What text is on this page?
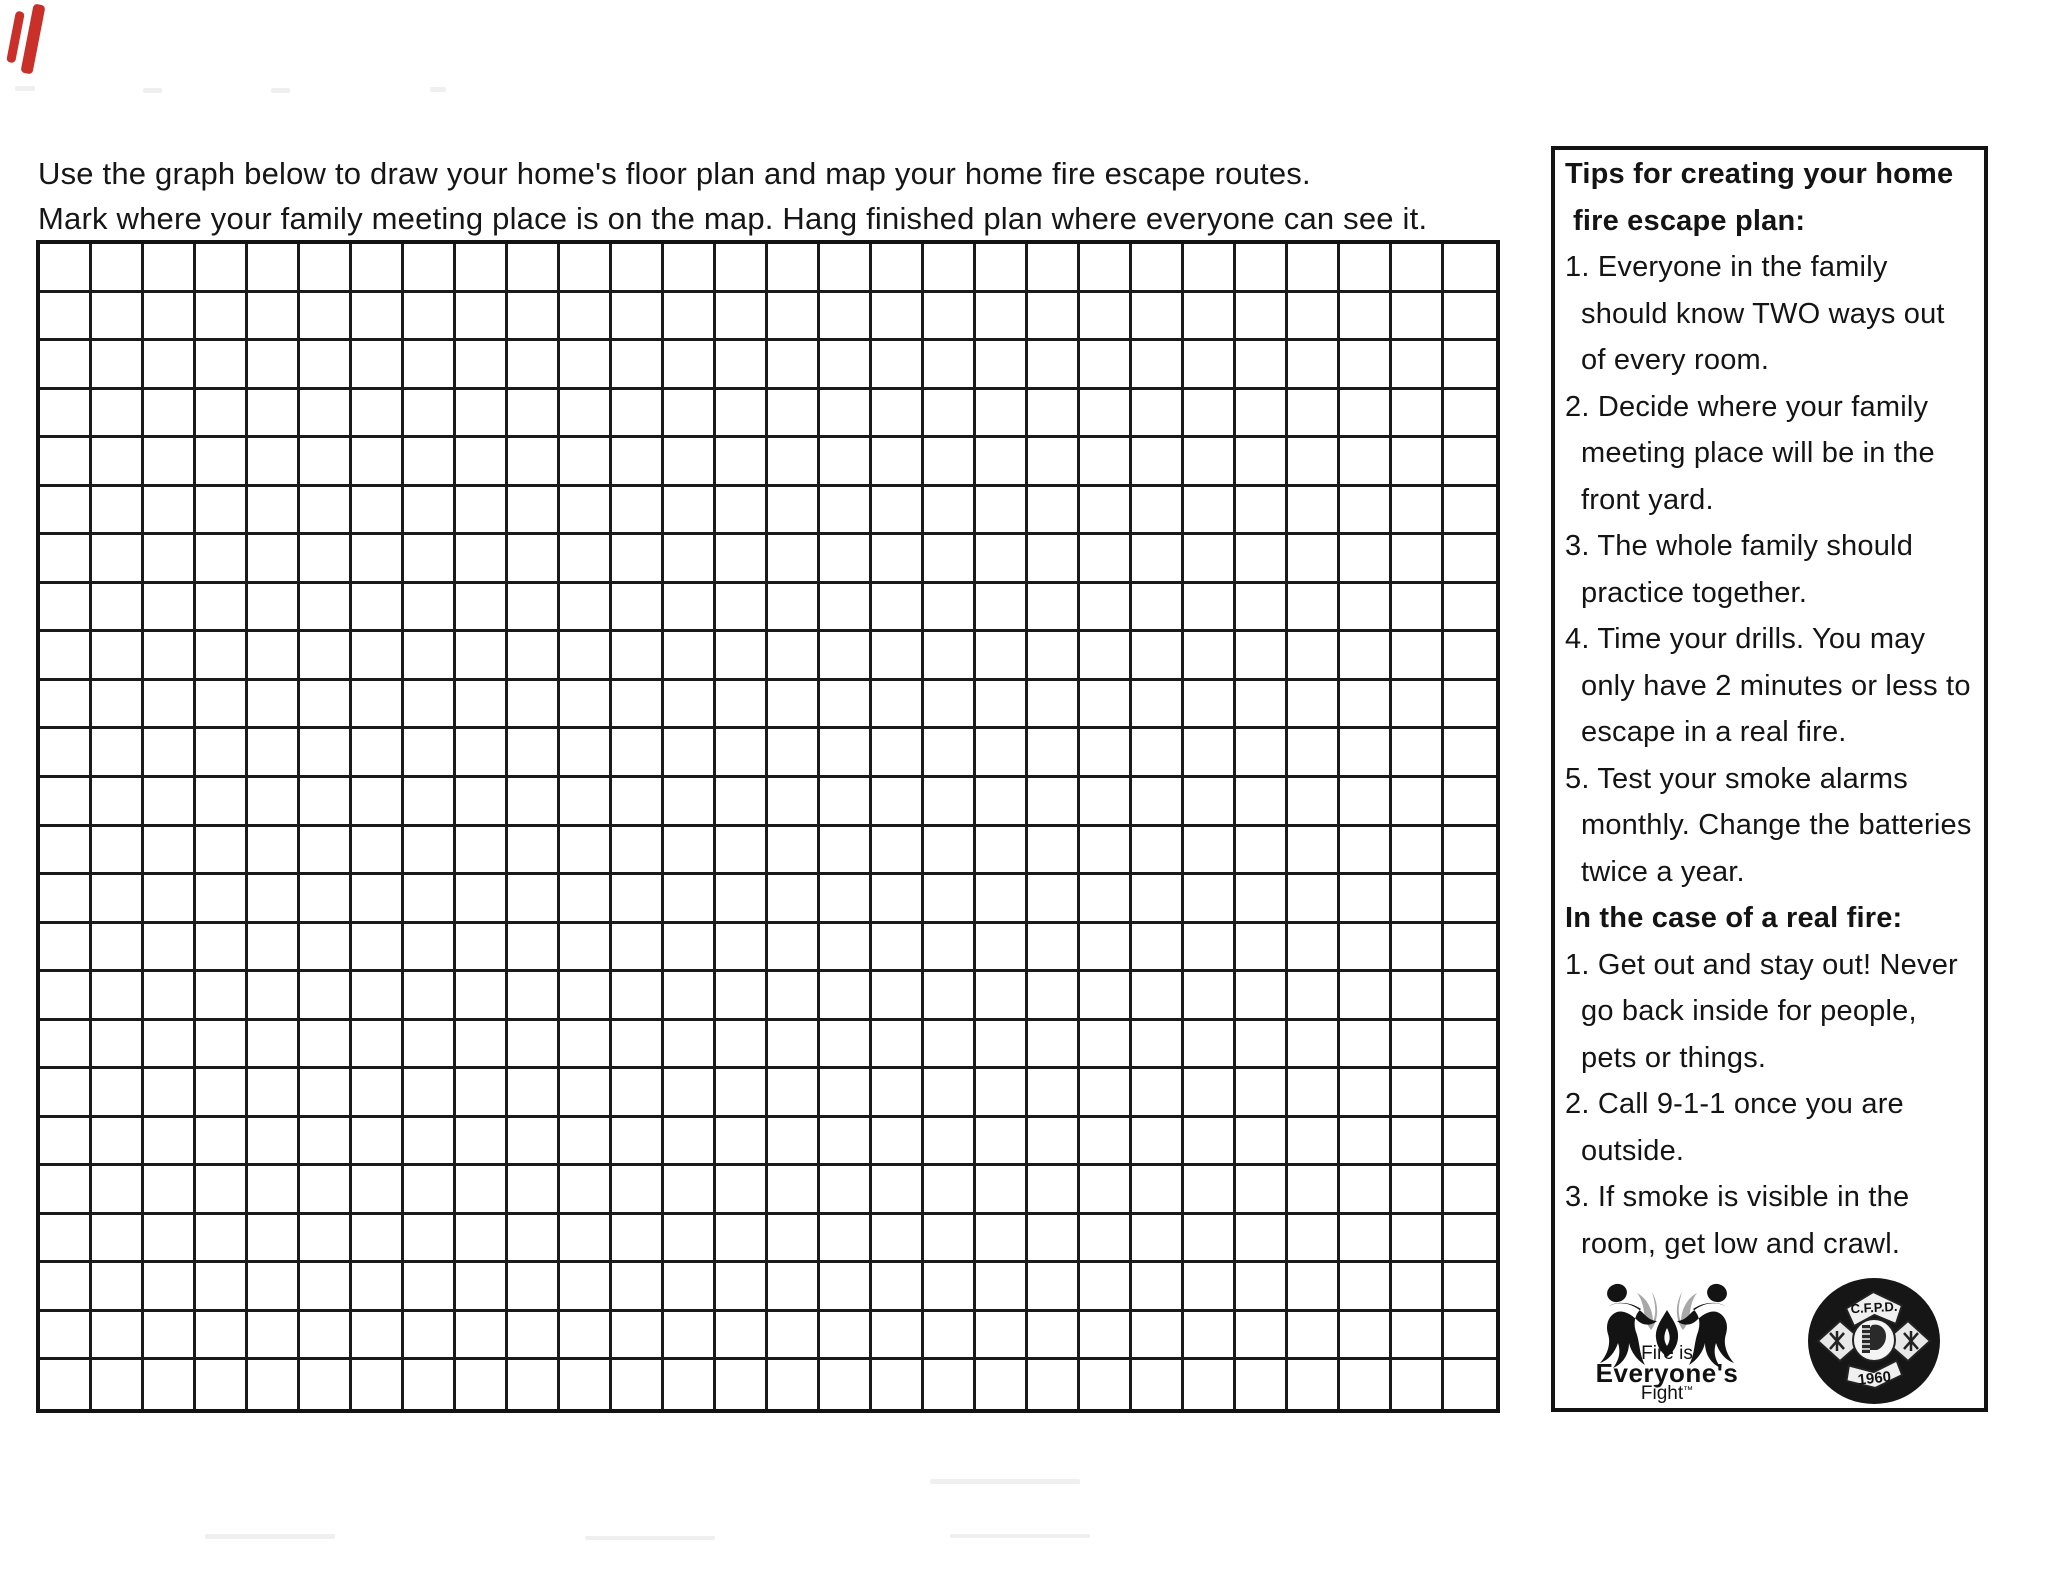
Use the graph below to draw your home's floor plan and map your home fire escape routes.
Mark where your family meeting place is on the map. Hang finished plan where everyone can see it.
Tips for creating your home
fire escape plan:
1. Everyone in the family
should know TWO ways out
of every room.
2. Decide where your family
meeting place will be in the
front yard.
3. The whole family should
practice together.
4. Time your drills. You may
only have 2 minutes or less to
escape in a real fire.
5. Test your smoke alarms
monthly. Change the batteries
twice a year.
In the case of a real fire:
1. Get out and stay out! Never
go back inside for people,
pets or things.
2. Call 9-1-1 once you are
outside.
3. If smoke is visible in the
room, get low and crawl.
Fire is
Everyone's
Fight™
C.F.P.D.
1960
